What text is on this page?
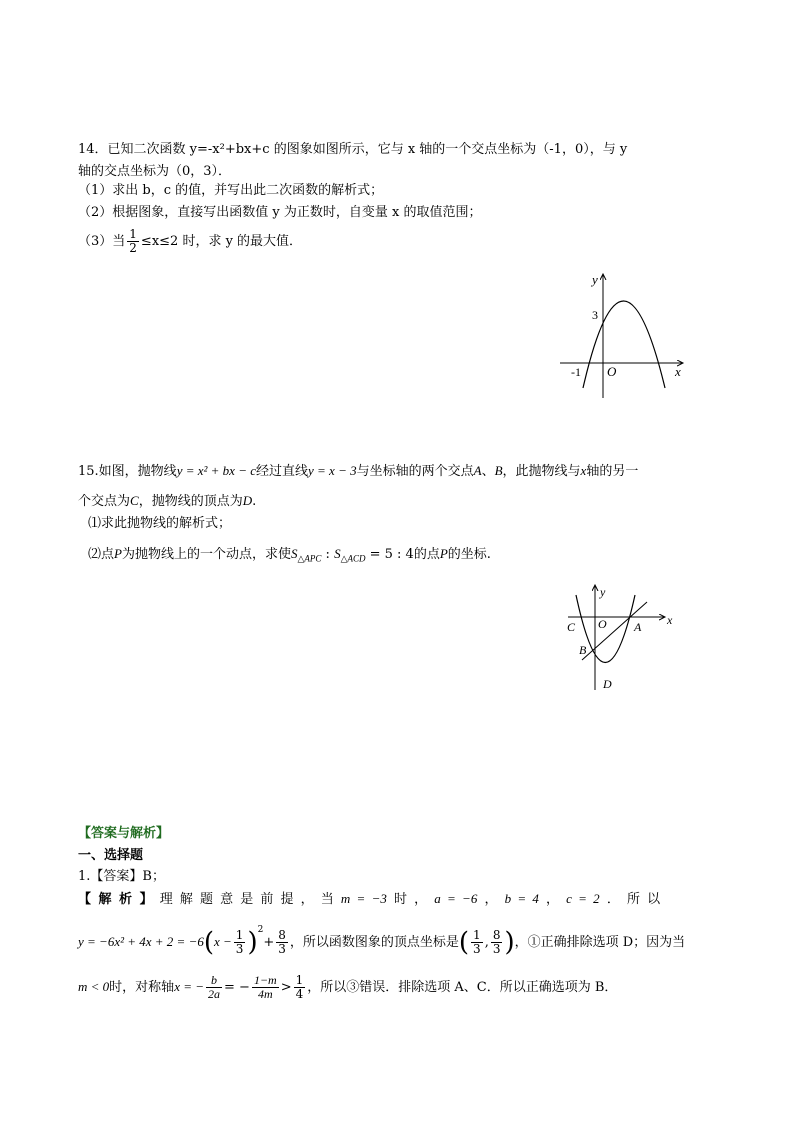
14．已知二次函数 y=-x²+bx+c 的图象如图所示，它与 x 轴的一个交点坐标为（-1，0），与 y
轴的交点坐标为（0，3）．
（1）求出 b，c 的值，并写出此二次函数的解析式；
（2）根据图象，直接写出函数值 y 为正数时，自变量 x 的取值范围；
（3）当 $\frac{1}{2} \le x\le 2$ 时，求 y 的最大值．
y
x
3
-1 O
15.如图，抛物线y = x² + bx − c经过直线y = x − 3与坐标轴的两个交点A、B，此抛物线与x轴的另一
个交点为C，抛物线的顶点为D.
⑴求此抛物线的解析式；
⑵点P为抛物线上的一个动点，求使$S_{\triangle APC}$ : $S_{\triangle ACD} = 5$ : 4的点P的坐标.
y
x
C O A
B
D
【答案与解析】
一、选择题
1.【答案】B；
【 解 析 】 理 解 题 意 是 前 提 ， 当 m = −3 时 ， a = −6 ， b = 4 ， c = 2 ． 所 以
$y = -6x^2 + 4x + 2 = -6(x - \frac{1}{3} )^2+ \frac{8}{3}$ ，所以函数图象的顶点坐标是( $\frac{1}{3}$ , $\frac{8}{3}$ )，①正确排除选项 D；因为当
m < 0时，对称轴x = − $\frac{b}{2a}$ = − $\frac{1-m}{4m} > \frac{1}{4}$ ，所以③错误．排除选项 A、C．所以正确选项为 B．
